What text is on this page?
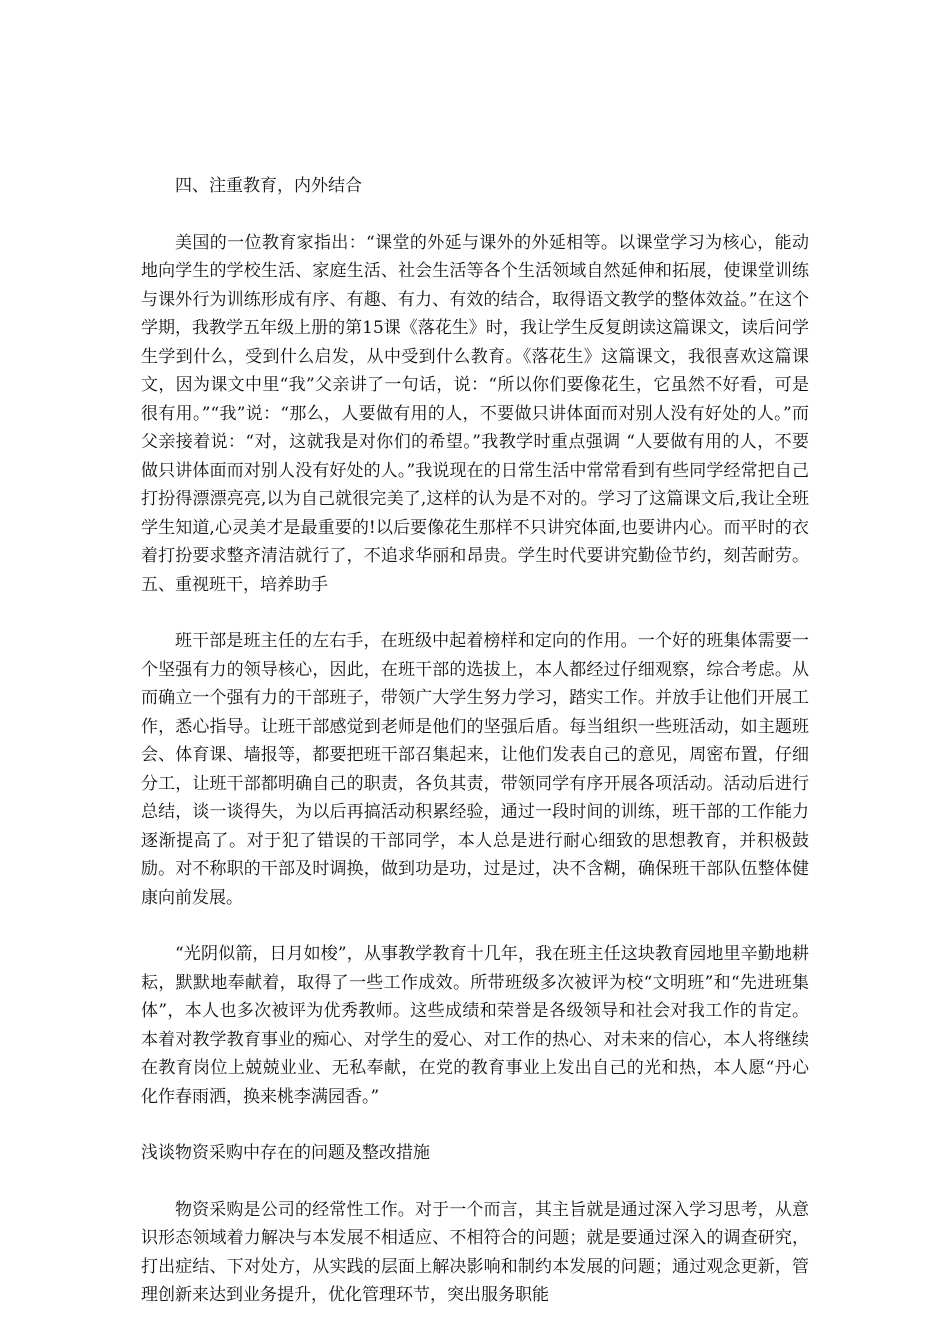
四、注重教育，内外结合

美国的一位教育家指出：“课堂的外延与课外的外延相等。以课堂学习为核心，能动地向学生的学校生活、家庭生活、社会生活等各个生活领域自然延伸和拓展，使课堂训练与课外行为训练形成有序、有趣、有力、有效的结合，取得语文教学的整体效益。”在这个学期，我教学五年级上册的第15课《落花生》时，我让学生反复朗读这篇课文，读后问学生学到什么，受到什么启发，从中受到什么教育。《落花生》这篇课文，我很喜欢这篇课文，因为课文中里“我”父亲讲了一句话，说：“所以你们要像花生，它虽然不好看，可是很有用。”“我”说：“那么，人要做有用的人，不要做只讲体面而对别人没有好处的人。”而父亲接着说：“对，这就我是对你们的希望。”我教学时重点强调 “人要做有用的人，不要做只讲体面而对别人没有好处的人。”我说现在的日常生活中常常看到有些同学经常把自己打扮得漂漂亮亮,以为自己就很完美了,这样的认为是不对的。学习了这篇课文后,我让全班学生知道,心灵美才是最重要的!以后要像花生那样不只讲究体面,也要讲内心。而平时的衣着打扮要求整齐清洁就行了，不追求华丽和昂贵。学生时代要讲究勤俭节约，刻苦耐劳。五、重视班干，培养助手

班干部是班主任的左右手，在班级中起着榜样和定向的作用。一个好的班集体需要一个坚强有力的领导核心，因此，在班干部的选拔上，本人都经过仔细观察，综合考虑。从而确立一个强有力的干部班子，带领广大学生努力学习，踏实工作。并放手让他们开展工作，悉心指导。让班干部感觉到老师是他们的坚强后盾。每当组织一些班活动，如主题班会、体育课、墙报等，都要把班干部召集起来，让他们发表自己的意见，周密布置，仔细分工，让班干部都明确自己的职责，各负其责，带领同学有序开展各项活动。活动后进行总结，谈一谈得失，为以后再搞活动积累经验，通过一段时间的训练，班干部的工作能力逐渐提高了。对于犯了错误的干部同学，本人总是进行耐心细致的思想教育，并积极鼓励。对不称职的干部及时调换，做到功是功，过是过，决不含糊，确保班干部队伍整体健康向前发展。

“光阴似箭，日月如梭”，从事教学教育十几年，我在班主任这块教育园地里辛勤地耕耘，默默地奉献着，取得了一些工作成效。所带班级多次被评为校“文明班”和“先进班集体”，本人也多次被评为优秀教师。这些成绩和荣誉是各级领导和社会对我工作的肯定。本着对教学教育事业的痴心、对学生的爱心、对工作的热心、对未来的信心，本人将继续在教育岗位上兢兢业业、无私奉献，在党的教育事业上发出自己的光和热，本人愿“丹心化作春雨洒，换来桃李满园香。”

浅谈物资采购中存在的问题及整改措施

物资采购是公司的经常性工作。对于一个而言，其主旨就是通过深入学习思考，从意识形态领域着力解决与本发展不相适应、不相符合的问题；就是要通过深入的调查研究，打出症结、下对处方，从实践的层面上解决影响和制约本发展的问题；通过观念更新，管理创新来达到业务提升，优化管理环节，突出服务职能
